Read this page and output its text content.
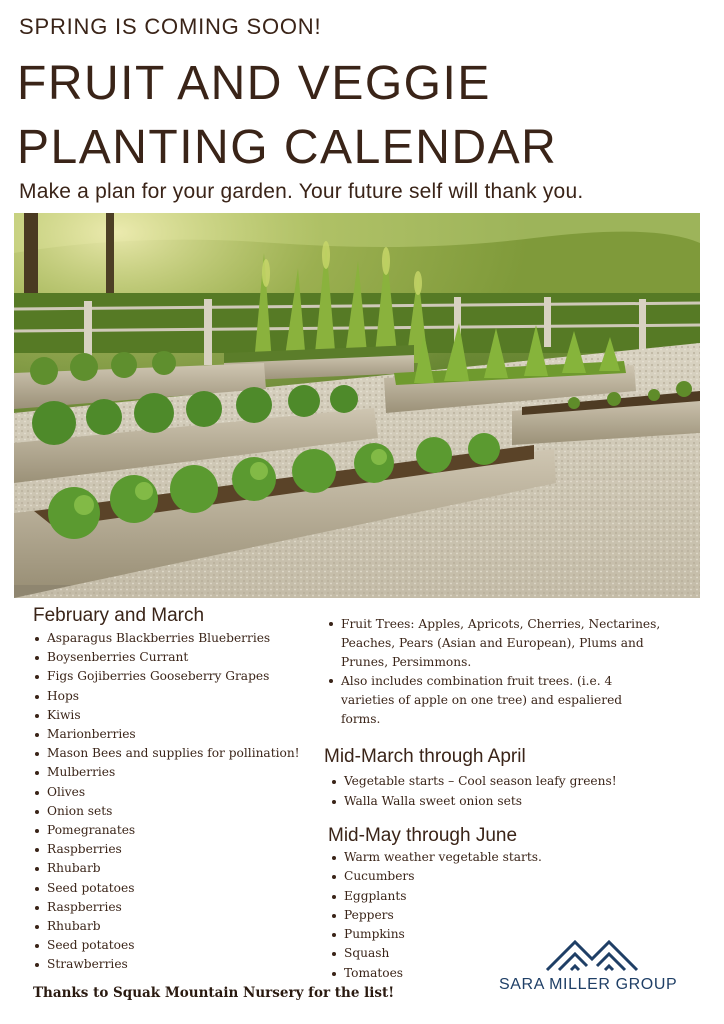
SPRING IS COMING SOON!
FRUIT AND VEGGIE
PLANTING CALENDAR
Make a plan for your garden. Your future self will thank you.
February and March
Asparagus Blackberries Blueberries
Boysenberries Currant
Figs Gojiberries Gooseberry Grapes
Hops
Kiwis
Marionberries
Mason Bees and supplies for pollination!
Mulberries
Olives
Onion sets
Pomegranates
Raspberries
Rhubarb
Seed potatoes
Raspberries
Rhubarb
Seed potatoes
Strawberries
Fruit Trees: Apples, Apricots, Cherries, Nectarines, Peaches, Pears (Asian and European), Plums and Prunes, Persimmons.
Also includes combination fruit trees. (i.e. 4 varieties of apple on one tree) and espaliered forms.
Mid-March through April
Vegetable starts – Cool season leafy greens!
Walla Walla sweet onion sets
Mid-May through June
Warm weather vegetable starts.
Cucumbers
Eggplants
Peppers
Pumpkins
Squash
Tomatoes
Thanks to Squak Mountain Nursery for the list!	SARA MILLER GROUP
